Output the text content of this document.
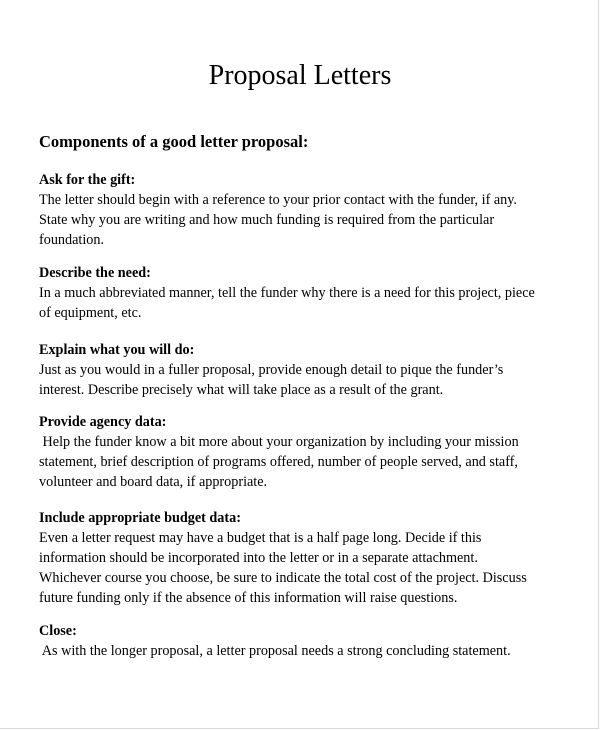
Proposal Letters
Components of a good letter proposal:
Ask for the gift:
The letter should begin with a reference to your prior contact with the funder, if any.
State why you are writing and how much funding is required from the particular
foundation.
Describe the need:
In a much abbreviated manner, tell the funder why there is a need for this project, piece
of equipment, etc.
Explain what you will do:
Just as you would in a fuller proposal, provide enough detail to pique the funder’s
interest. Describe precisely what will take place as a result of the grant.
Provide agency data:
Help the funder know a bit more about your organization by including your mission
statement, brief description of programs offered, number of people served, and staff,
volunteer and board data, if appropriate.
Include appropriate budget data:
Even a letter request may have a budget that is a half page long. Decide if this
information should be incorporated into the letter or in a separate attachment.
Whichever course you choose, be sure to indicate the total cost of the project. Discuss
future funding only if the absence of this information will raise questions.
Close:
As with the longer proposal, a letter proposal needs a strong concluding statement.
